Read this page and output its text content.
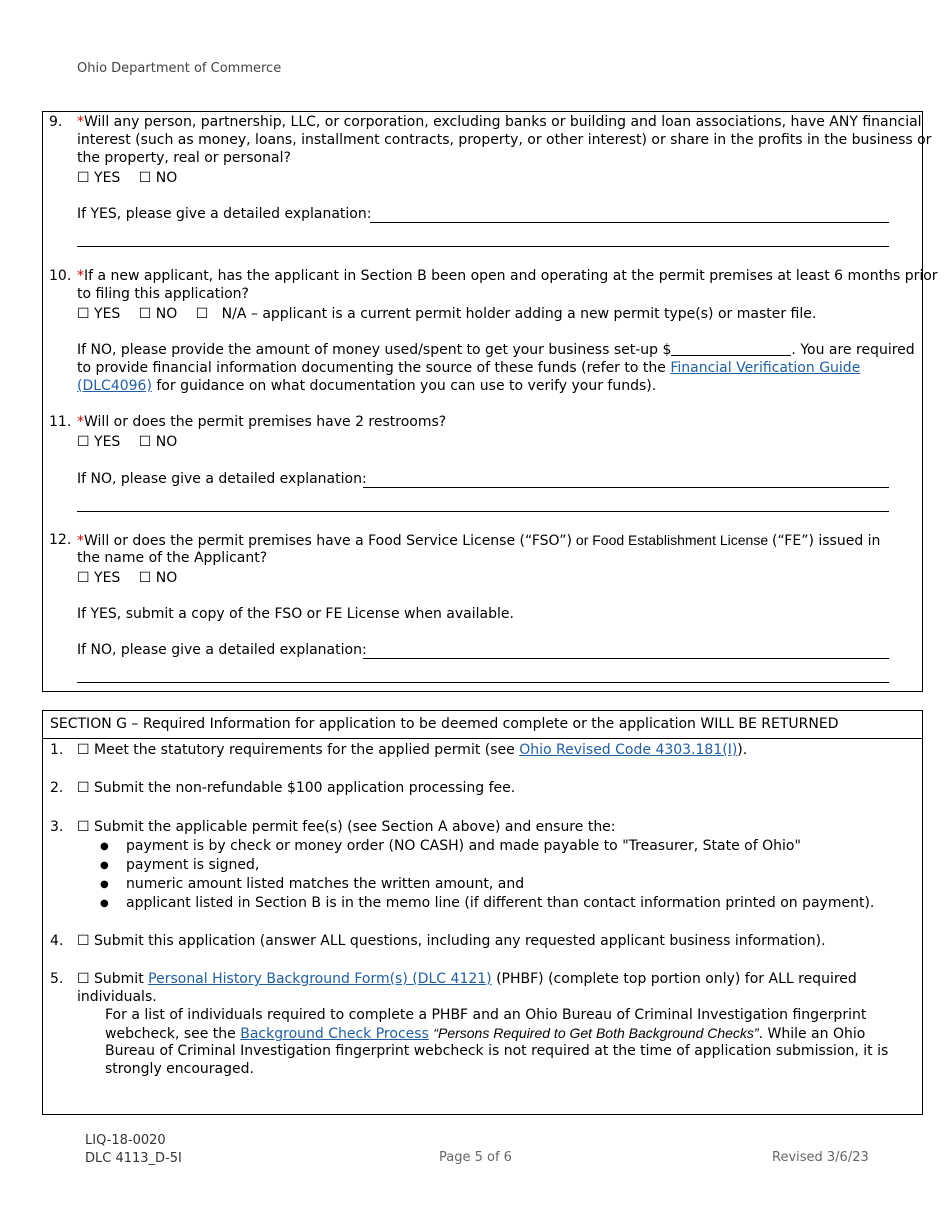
Ohio Department of Commerce
9. *Will any person, partnership, LLC, or corporation, excluding banks or building and loan associations, have ANY financial
interest (such as money, loans, installment contracts, property, or other interest) or share in the profits in the business or
the property, real or personal?
☐ YES ☐ NO
If YES, please give a detailed explanation:
10. *If a new applicant, has the applicant in Section B been open and operating at the permit premises at least 6 months prior
to filing this application?
☐ YES ☐ NO ☐ N/A – applicant is a current permit holder adding a new permit type(s) or master file.
If NO, please provide the amount of money used/spent to get your business set-up $	. You are required
to provide financial information documenting the source of these funds (refer to the Financial Verification Guide
(DLC4096) for guidance on what documentation you can use to verify your funds).
11. *Will or does the permit premises have 2 restrooms?
☐ YES ☐ NO
If NO, please give a detailed explanation:
12. *Will or does the permit premises have a Food Service License (“FSO”) or Food Establishment License (“FE”) issued in
the name of the Applicant?
☐ YES ☐ NO
If YES, submit a copy of the FSO or FE License when available.
If NO, please give a detailed explanation:
SECTION G – Required Information for application to be deemed complete or the application WILL BE RETURNED
1. ☐ Meet the statutory requirements for the applied permit (see Ohio Revised Code 4303.181(I)).
2. ☐ Submit the non-refundable $100 application processing fee.
3. ☐ Submit the applicable permit fee(s) (see Section A above) and ensure the:
● payment is by check or money order (NO CASH) and made payable to "Treasurer, State of Ohio"
● payment is signed,
● numeric amount listed matches the written amount, and
● applicant listed in Section B is in the memo line (if different than contact information printed on payment).
4. ☐ Submit this application (answer ALL questions, including any requested applicant business information).
5. ☐ Submit Personal History Background Form(s) (DLC 4121) (PHBF) (complete top portion only) for ALL required
individuals.
For a list of individuals required to complete a PHBF and an Ohio Bureau of Criminal Investigation fingerprint
webcheck, see the Background Check Process “Persons Required to Get Both Background Checks”. While an Ohio
Bureau of Criminal Investigation fingerprint webcheck is not required at the time of application submission, it is
strongly encouraged.
LIQ-18-0020
DLC 4113_D-5I	Page 5 of 6	Revised 3/6/23
